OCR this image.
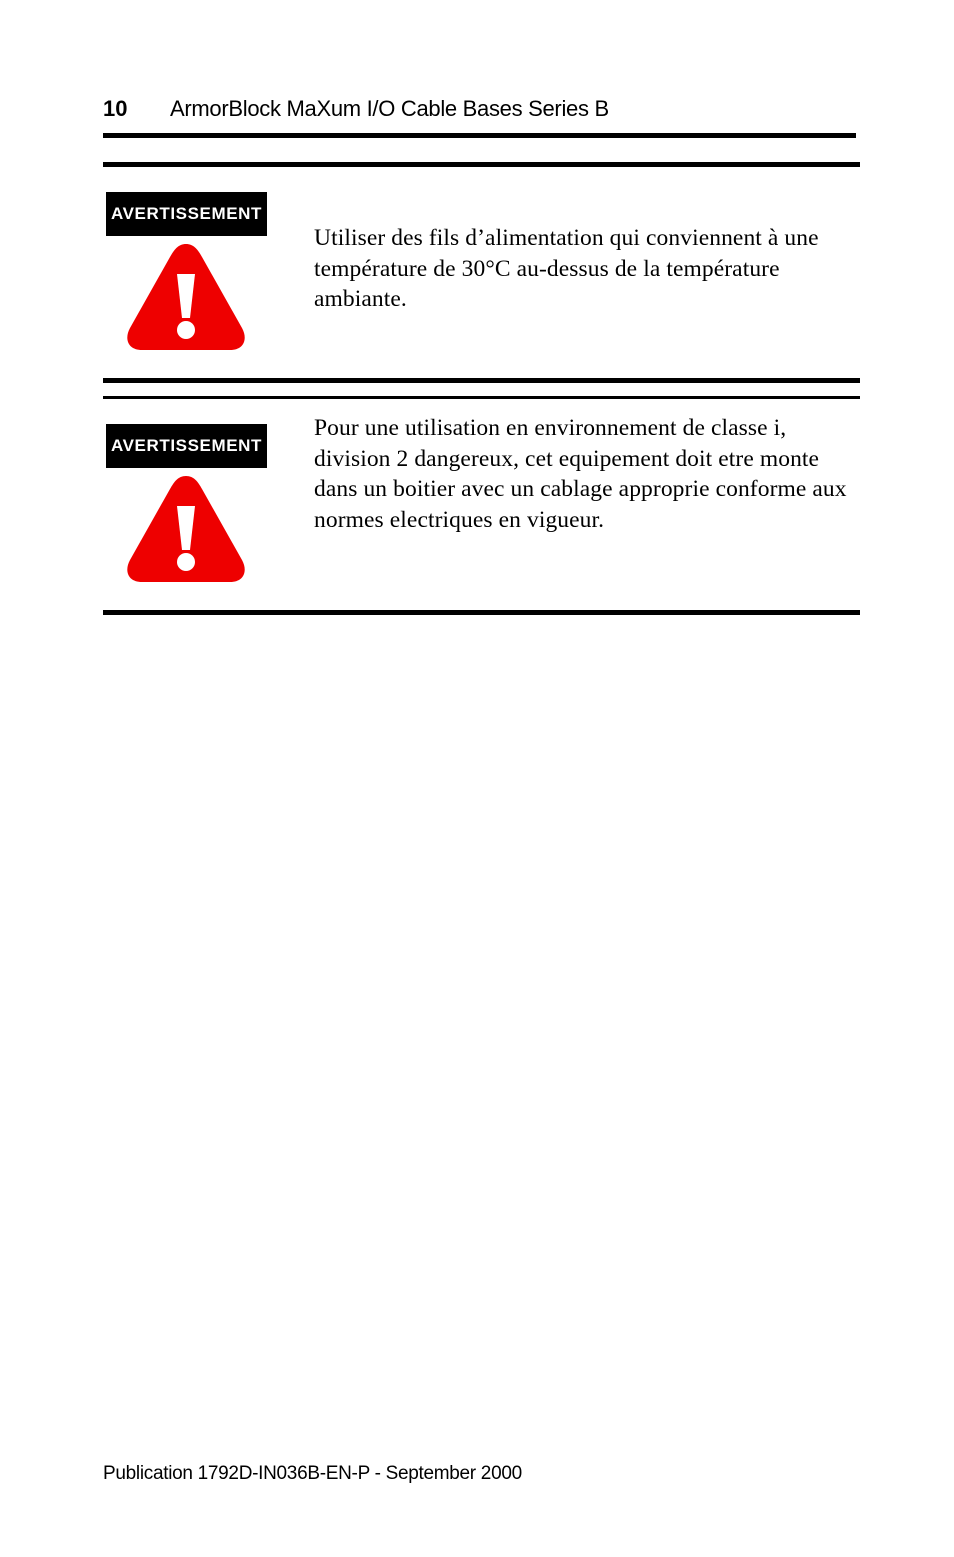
10 ArmorBlock MaXum I/O Cable Bases Series B
AVERTISSEMENT
Utiliser des fils d’alimentation qui conviennent à une température de 30°C au-dessus de la température ambiante.
AVERTISSEMENT
Pour une utilisation en environnement de classe i, division 2 dangereux, cet equipement doit etre monte dans un boitier avec un cablage approprie conforme aux normes electriques en vigueur.
Publication 1792D-IN036B-EN-P - September 2000
